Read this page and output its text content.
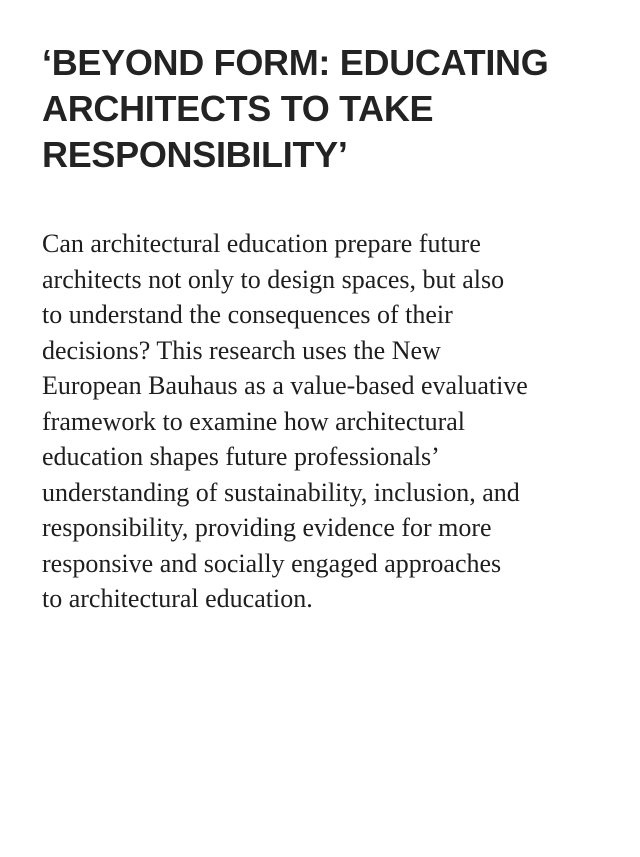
‘BEYOND FORM: EDUCATING
ARCHITECTS TO TAKE
RESPONSIBILITY’

Can architectural education prepare future
architects not only to design spaces, but also
to understand the consequences of their
decisions? This research uses the New
European Bauhaus as a value-based evaluative
framework to examine how architectural
education shapes future professionals’
understanding of sustainability, inclusion, and
responsibility, providing evidence for more
responsive and socially engaged approaches
to architectural education.
